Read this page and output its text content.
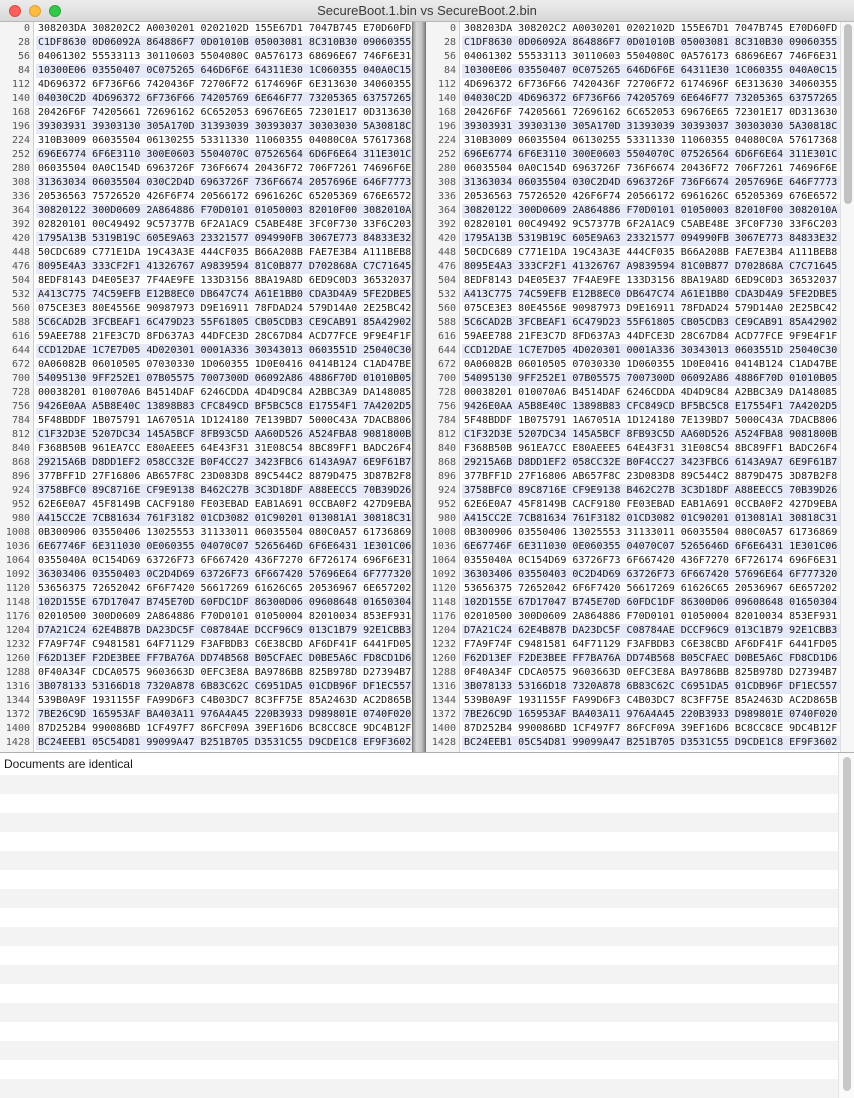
SecureBoot.1.bin vs SecureBoot.2.bin
0 308203DA 308202C2 A0030201 0202102D 155E67D1 7047B745 E70D60FD
28 C1DF8630 0D06092A 864886F7 0D01010B 05003081 8C310B30 09060355
56 04061302 55533113 30110603 5504080C 0A576173 68696E67 746F6E31
84 10300E06 03550407 0C075265 646D6F6E 64311E30 1C060355 040A0C15
112 4D696372 6F736F66 7420436F 72706F72 6174696F 6E313630 34060355
140 04030C2D 4D696372 6F736F66 74205769 6E646F77 73205365 63757265
168 20426F6F 74205661 72696162 6C652053 69676E65 72301E17 0D313630
196 39303931 39303130 305A170D 31393039 30393037 30303030 5A30818C
224 310B3009 06035504 06130255 53311330 11060355 04080C0A 57617368
252 696E6774 6F6E3110 300E0603 5504070C 07526564 6D6F6E64 311E301C
280 06035504 0A0C154D 6963726F 736F6674 20436F72 706F7261 74696F6E
308 31363034 06035504 030C2D4D 6963726F 736F6674 2057696E 646F7773
336 20536563 75726520 426F6F74 20566172 6961626C 65205369 676E6572
364 30820122 300D0609 2A864886 F70D0101 01050003 82010F00 3082010A
392 02820101 00C49492 9C57377B 6F2A1AC9 C5ABE48E 3FC0F730 33F6C203
420 1795A13B 5319B19C 605E9A63 23321577 094990FB 3067E773 84833E32
448 50CDC689 C771E1DA 19C43A3E 444CF035 B66A208B FAE7E3B4 A111BEB8
476 8095E4A3 333CF2F1 41326767 A9839594 81C0B877 D702868A C7C71645
504 8EDF8143 D4E05E37 7F4AE9FE 133D3156 8BA19A8D 6ED9C0D3 36532037
532 A413C775 74C59EFB E12B8EC0 DB647C74 A61E1BB0 CDA3D4A9 5FE2DBE5
560 075CE3E3 80E4556E 90987973 D9E16911 78FDAD24 579D14A0 2E25BC42
588 5C6CAD2B 3FCBEAF1 6C479D23 55F61805 CB05CDB3 CE9CAB91 85A42902
616 59AEE788 21FE3C7D 8FD637A3 44DFCE3D 28C67D84 ACD77FCE 9F9E4F1F
644 CCD12DAE 1C7E7D05 4D020301 0001A336 30343013 0603551D 25040C30
672 0A06082B 06010505 07030330 1D060355 1D0E0416 0414B124 C1AD47BE
700 54095130 9FF252E1 07B05575 7007300D 06092A86 4886F70D 01010B05
728 00038201 010070A6 B4514DAF 6246CDDA 4D4D9C84 A2BBC3A9 DA148085
756 9426E0AA A5B8E40C 13898B83 CFC849CD BF5BC5C8 E17554F1 7A4202D5
784 5F48BDDF 1B075791 1A67051A 1D124180 7E139BD7 5000C43A 7DACB806
812 C1F32D3E 5207DC34 145A5BCF 8FB93C5D AA60D526 A524FBA8 9081800B
840 F368B50B 961EA7CC E80AEEE5 64E43F31 31E08C54 8BC89FF1 BADC26F4
868 29215A6B D8DD1EF2 058CC32E B0F4CC27 3423FBC6 6143A9A7 6E9F61B7
896 377BFF1D 27F16806 AB657F8C 23D083D8 89C544C2 8879D475 3D87B2F8
924 3758BFC0 89C8716E CF9E9138 B462C27B 3C3D18DF A88EECC5 70B39D26
952 62E6E0A7 45F8149B CACF9180 FE03EBAD EAB1A691 0CCBA0F2 427D9EBA
980 A415CC2E 7CB81634 761F3182 01CD3082 01C90201 013081A1 30818C31
1008 0B300906 03550406 13025553 31133011 06035504 080C0A57 61736869
1036 6E67746F 6E311030 0E060355 04070C07 5265646D 6F6E6431 1E301C06
1064 0355040A 0C154D69 63726F73 6F667420 436F7270 6F726174 696F6E31
1092 36303406 03550403 0C2D4D69 63726F73 6F667420 57696E64 6F777320
1120 53656375 72652042 6F6F7420 56617269 61626C65 20536967 6E657202
1148 102D155E 67D17047 B745E70D 60FDC1DF 86300D06 09608648 01650304
1176 02010500 300D0609 2A864886 F70D0101 01050004 82010034 853EF931
1204 D7A21C24 62E4B87B DA23DC5F C08784AE DCCF96C9 013C1B79 92E1CBB3
1232 F7A9F74F C9481581 64F71129 F3AFBDB3 C6E38CBD AF6DF41F 6441FD05
1260 F62D13EF F2DE3BEE FF7BA76A DD74B568 B05CFAEC D0BE5A6C FD8CD1D6
1288 0F40A34F CDCA0575 9603663D 0EFC3E8A BA9786BB 825B978D D27394B7
1316 3B078133 53166D18 7320A878 6B83C62C C6951DA5 01CDB96F DF1EC557
1344 539B0A9F 1931155F FA99D6F3 C4B03DC7 8C3FF75E 85A2463D AC2D865B
1372 7BE26C9D 165953AF BA403A11 976A4A45 220B3933 D989801E 0740F020
1400 87D252B4 990086BD 1CF497F7 86FCF09A 39EF16D6 BC8CC8CE 9DC4B12F
1428 BC24EEB1 05C54D81 99099A47 B251B705 D3531C55 D9CDE1C8 EF9F3602
0 308203DA 308202C2 A0030201 0202102D 155E67D1 7047B745 E70D60FD
28 C1DF8630 0D06092A 864886F7 0D01010B 05003081 8C310B30 09060355
56 04061302 55533113 30110603 5504080C 0A576173 68696E67 746F6E31
84 10300E06 03550407 0C075265 646D6F6E 64311E30 1C060355 040A0C15
112 4D696372 6F736F66 7420436F 72706F72 6174696F 6E313630 34060355
140 04030C2D 4D696372 6F736F66 74205769 6E646F77 73205365 63757265
168 20426F6F 74205661 72696162 6C652053 69676E65 72301E17 0D313630
196 39303931 39303130 305A170D 31393039 30393037 30303030 5A30818C
224 310B3009 06035504 06130255 53311330 11060355 04080C0A 57617368
252 696E6774 6F6E3110 300E0603 5504070C 07526564 6D6F6E64 311E301C
280 06035504 0A0C154D 6963726F 736F6674 20436F72 706F7261 74696F6E
308 31363034 06035504 030C2D4D 6963726F 736F6674 2057696E 646F7773
336 20536563 75726520 426F6F74 20566172 6961626C 65205369 676E6572
364 30820122 300D0609 2A864886 F70D0101 01050003 82010F00 3082010A
392 02820101 00C49492 9C57377B 6F2A1AC9 C5ABE48E 3FC0F730 33F6C203
420 1795A13B 5319B19C 605E9A63 23321577 094990FB 3067E773 84833E32
448 50CDC689 C771E1DA 19C43A3E 444CF035 B66A208B FAE7E3B4 A111BEB8
476 8095E4A3 333CF2F1 41326767 A9839594 81C0B877 D702868A C7C71645
504 8EDF8143 D4E05E37 7F4AE9FE 133D3156 8BA19A8D 6ED9C0D3 36532037
532 A413C775 74C59EFB E12B8EC0 DB647C74 A61E1BB0 CDA3D4A9 5FE2DBE5
560 075CE3E3 80E4556E 90987973 D9E16911 78FDAD24 579D14A0 2E25BC42
588 5C6CAD2B 3FCBEAF1 6C479D23 55F61805 CB05CDB3 CE9CAB91 85A42902
616 59AEE788 21FE3C7D 8FD637A3 44DFCE3D 28C67D84 ACD77FCE 9F9E4F1F
644 CCD12DAE 1C7E7D05 4D020301 0001A336 30343013 0603551D 25040C30
672 0A06082B 06010505 07030330 1D060355 1D0E0416 0414B124 C1AD47BE
700 54095130 9FF252E1 07B05575 7007300D 06092A86 4886F70D 01010B05
728 00038201 010070A6 B4514DAF 6246CDDA 4D4D9C84 A2BBC3A9 DA148085
756 9426E0AA A5B8E40C 13898B83 CFC849CD BF5BC5C8 E17554F1 7A4202D5
784 5F48BDDF 1B075791 1A67051A 1D124180 7E139BD7 5000C43A 7DACB806
812 C1F32D3E 5207DC34 145A5BCF 8FB93C5D AA60D526 A524FBA8 9081800B
840 F368B50B 961EA7CC E80AEEE5 64E43F31 31E08C54 8BC89FF1 BADC26F4
868 29215A6B D8DD1EF2 058CC32E B0F4CC27 3423FBC6 6143A9A7 6E9F61B7
896 377BFF1D 27F16806 AB657F8C 23D083D8 89C544C2 8879D475 3D87B2F8
924 3758BFC0 89C8716E CF9E9138 B462C27B 3C3D18DF A88EECC5 70B39D26
952 62E6E0A7 45F8149B CACF9180 FE03EBAD EAB1A691 0CCBA0F2 427D9EBA
980 A415CC2E 7CB81634 761F3182 01CD3082 01C90201 013081A1 30818C31
1008 0B300906 03550406 13025553 31133011 06035504 080C0A57 61736869
1036 6E67746F 6E311030 0E060355 04070C07 5265646D 6F6E6431 1E301C06
1064 0355040A 0C154D69 63726F73 6F667420 436F7270 6F726174 696F6E31
1092 36303406 03550403 0C2D4D69 63726F73 6F667420 57696E64 6F777320
1120 53656375 72652042 6F6F7420 56617269 61626C65 20536967 6E657202
1148 102D155E 67D17047 B745E70D 60FDC1DF 86300D06 09608648 01650304
1176 02010500 300D0609 2A864886 F70D0101 01050004 82010034 853EF931
1204 D7A21C24 62E4B87B DA23DC5F C08784AE DCCF96C9 013C1B79 92E1CBB3
1232 F7A9F74F C9481581 64F71129 F3AFBDB3 C6E38CBD AF6DF41F 6441FD05
1260 F62D13EF F2DE3BEE FF7BA76A DD74B568 B05CFAEC D0BE5A6C FD8CD1D6
1288 0F40A34F CDCA0575 9603663D 0EFC3E8A BA9786BB 825B978D D27394B7
1316 3B078133 53166D18 7320A878 6B83C62C C6951DA5 01CDB96F DF1EC557
1344 539B0A9F 1931155F FA99D6F3 C4B03DC7 8C3FF75E 85A2463D AC2D865B
1372 7BE26C9D 165953AF BA403A11 976A4A45 220B3933 D989801E 0740F020
1400 87D252B4 990086BD 1CF497F7 86FCF09A 39EF16D6 BC8CC8CE 9DC4B12F
1428 BC24EEB1 05C54D81 99099A47 B251B705 D3531C55 D9CDE1C8 EF9F3602
Documents are identical
